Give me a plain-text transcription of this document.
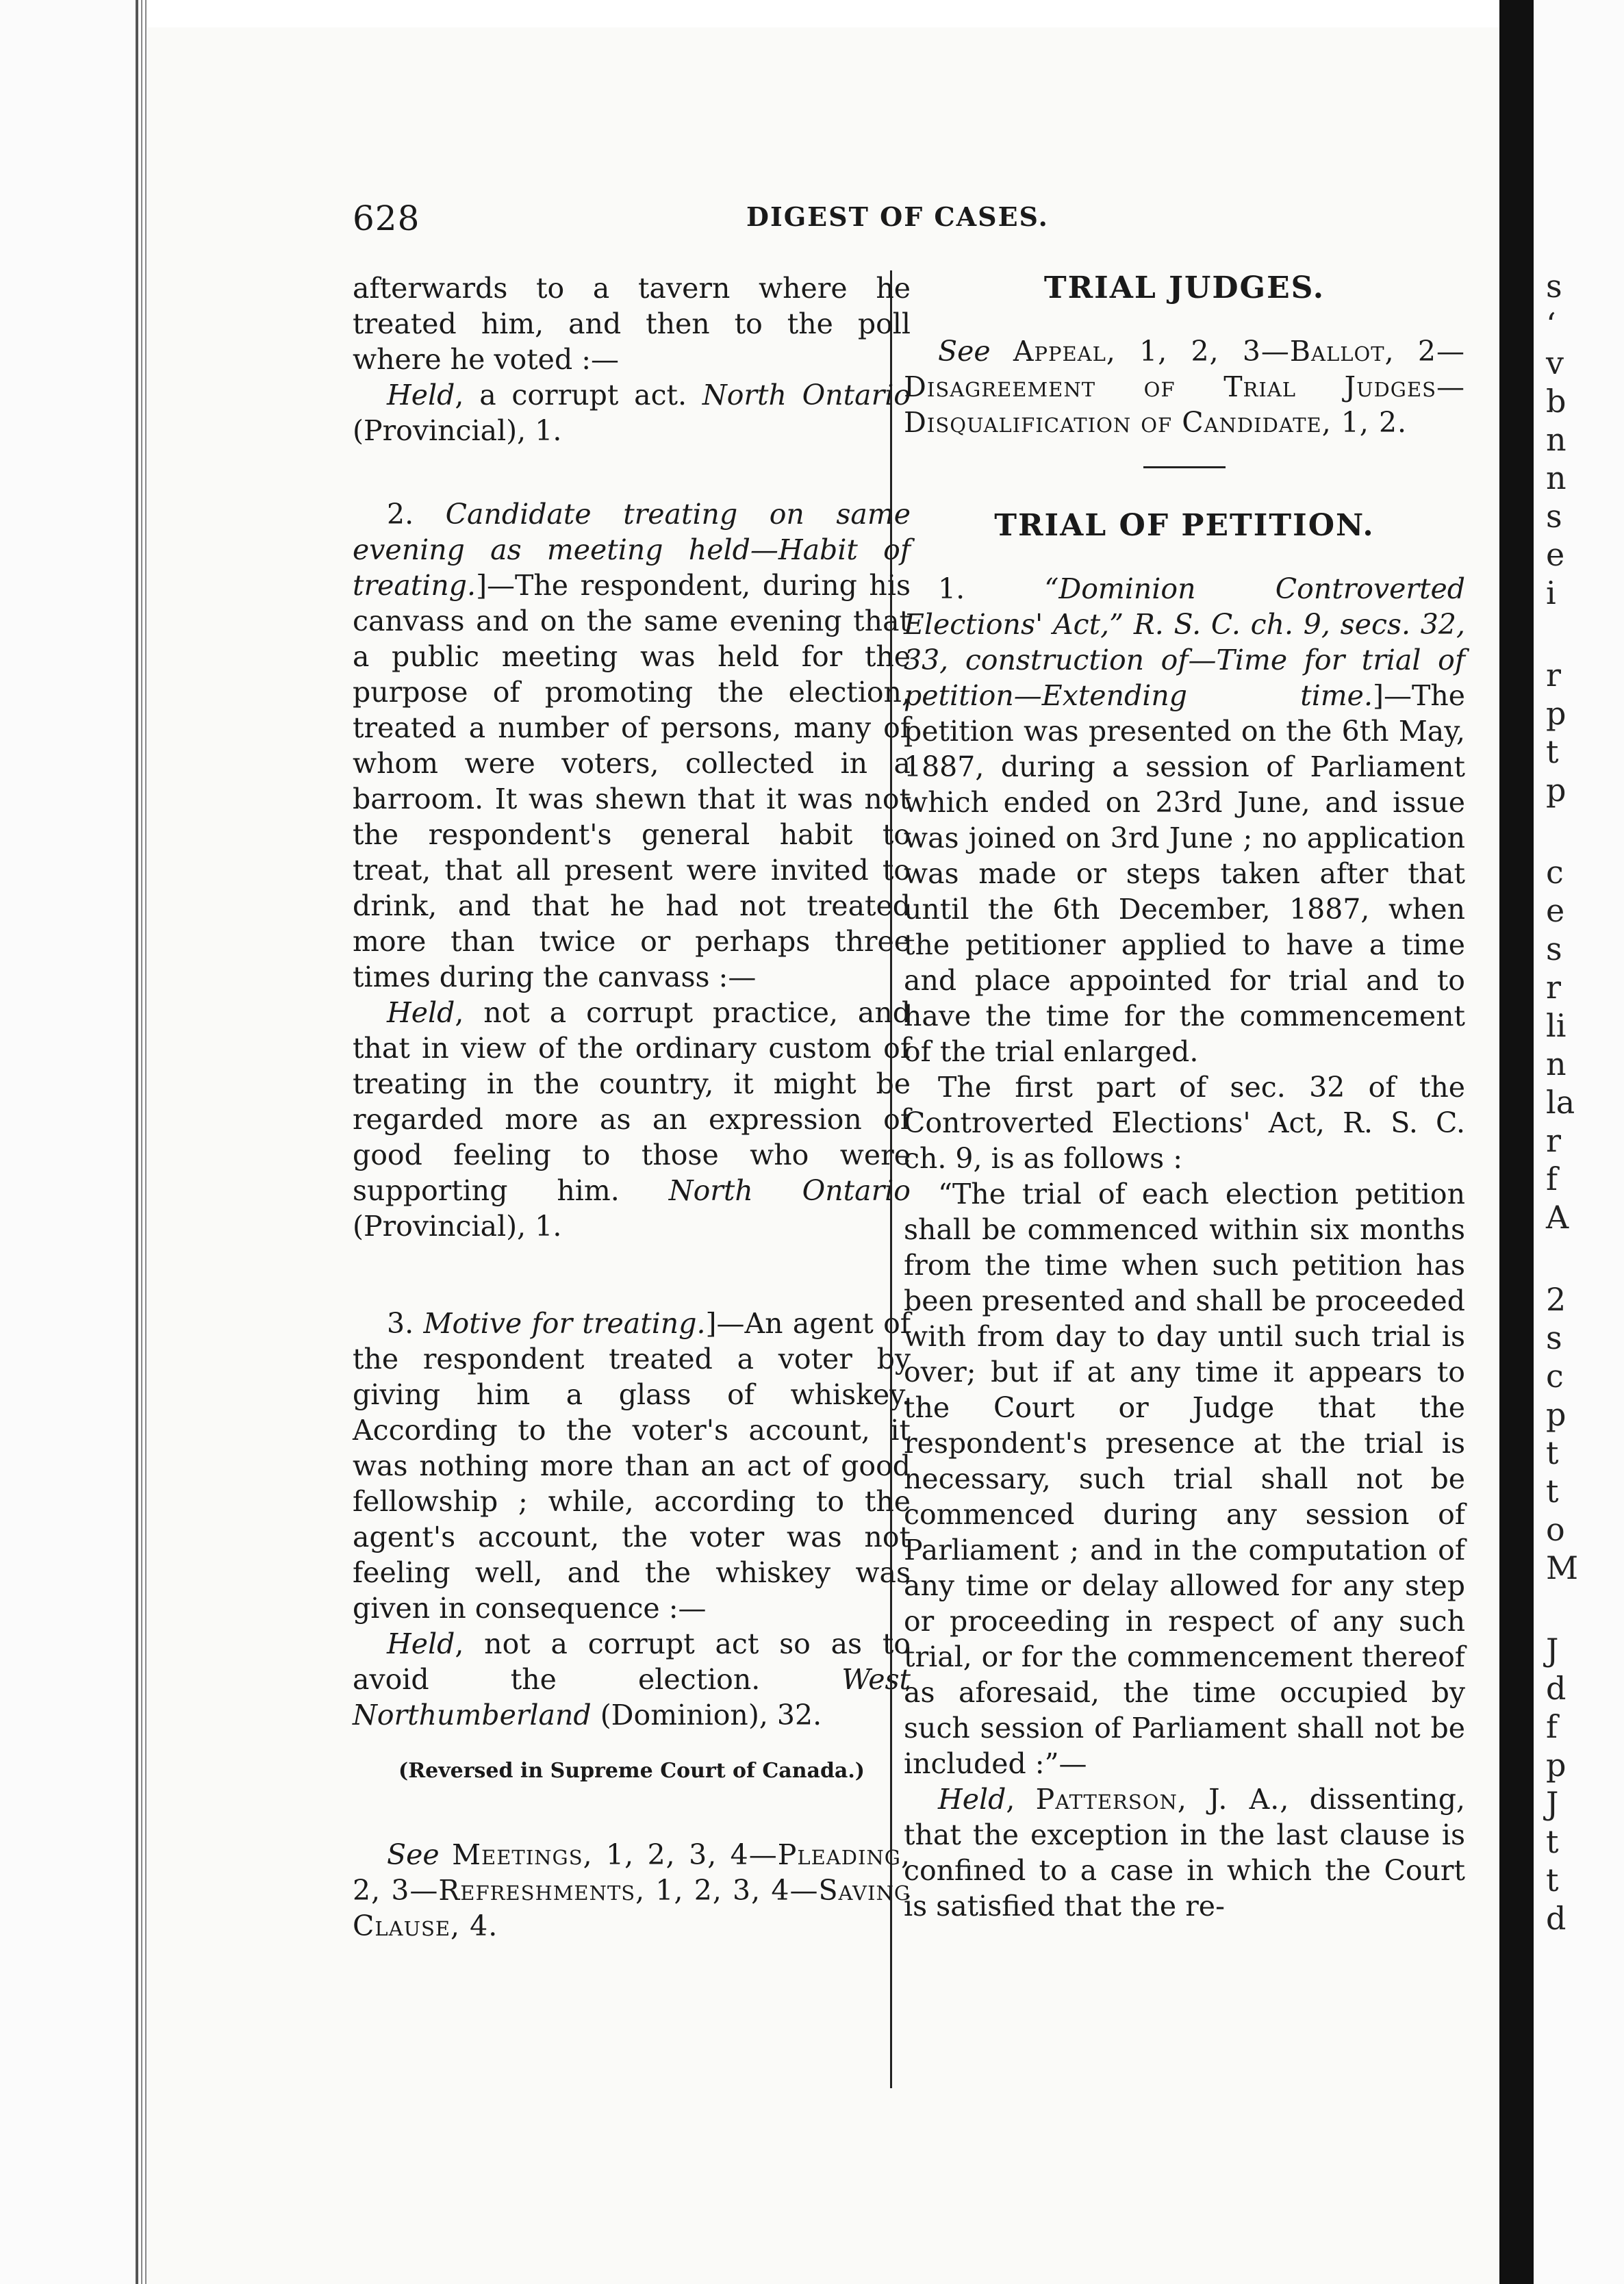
s
‘
v
b
n
n
s
e
i
r
p
t
p
c
e
s
r
li
n
la
r
f
A
2
s
c
p
t
t
o
M
J
d
f
p
J
t
t
d
628	DIGEST OF CASES.

afterwards to a tavern where he treated him, and then to the poll where he voted :—

Held, a corrupt act. North Ontario (Provincial), 1.

2. Candidate treating on same evening as meeting held—Habit of treating.]—The respondent, during his canvass and on the same evening that a public meeting was held for the purpose of promoting the election, treated a number of persons, many of whom were voters, collected in a barroom. It was shewn that it was not the respondent's general habit to treat, that all present were invited to drink, and that he had not treated more than twice or perhaps three times during the canvass :—

Held, not a corrupt practice, and that in view of the ordinary custom of treating in the country, it might be regarded more as an expression of good feeling to those who were supporting him. North Ontario (Provincial), 1.

3. Motive for treating.]—An agent of the respondent treated a voter by giving him a glass of whiskey. According to the voter's account, it was nothing more than an act of good fellowship ; while, according to the agent's account, the voter was not feeling well, and the whiskey was given in consequence :—

Held, not a corrupt act so as to avoid the election.	West Northumberland (Dominion), 32.

(Reversed in Supreme Court of Canada.)

See Meetings, 1, 2, 3, 4—Pleading, 2, 3—Refreshments, 1, 2, 3, 4—Saving Clause, 4.

TRIAL JUDGES.

See Appeal, 1, 2, 3—Ballot, 2—Disagreement of Trial Judges—Disqualification of Candidate, 1, 2.

TRIAL OF PETITION.

1.	“Dominion Controverted Elections' Act,” R. S. C. ch. 9, secs. 32, 33, construction of—Time for trial of petition—Extending time.]—The petition was presented on the 6th May, 1887, during a session of Parliament which ended on 23rd June, and issue was joined on 3rd June ; no application was made or steps taken after that until the 6th December, 1887, when the petitioner applied to have a time and place appointed for trial and to have the time for the commencement of the trial enlarged.

The first part of sec. 32 of the Controverted Elections' Act, R. S. C. ch. 9, is as follows :

“The trial of each election petition shall be commenced within six months from the time when such petition has been presented and shall be proceeded with from day to day until such trial is over; but if at any time it appears to the Court or Judge that the respondent's presence at the trial is necessary, such trial shall not be commenced during any session of Parliament ; and in the computation of any time or delay allowed for any step or proceeding in respect of any such trial, or for the commencement thereof as aforesaid, the time occupied by such session of Parliament shall not be included :”—

Held, Patterson, J. A., dissenting, that the exception in the last clause is confined to a case in which the Court is satisfied that the re-
